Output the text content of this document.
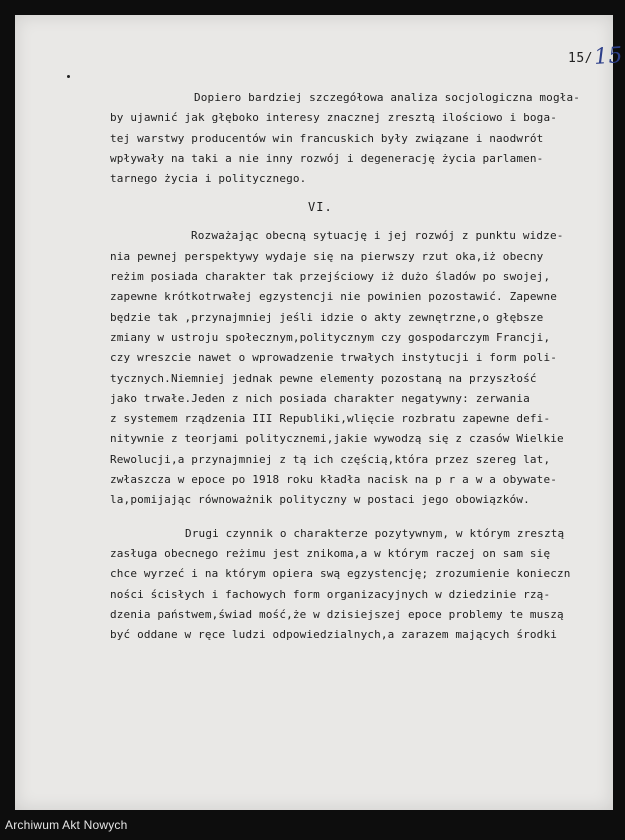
15/ 15
Dopiero bardziej szczegółowa analiza socjologiczna mogła-
by ujawnić jak głęboko interesy znacznej zresztą ilościowo i boga-
tej warstwy producentów win francuskich były związane i naodwrót
wpływały na taki a nie inny rozwój i degenerację życia parlamen-
tarnego życia i politycznego.
VI.
Rozważając obecną sytuację i jej rozwój z punktu widze-
nia pewnej perspektywy wydaje się na pierwszy rzut oka,iż obecny
reżim posiada charakter tak przejściowy iż dużo śladów po swojej,
zapewne krótkotrwałej egzystencji nie powinien pozostawić. Zapewne
będzie tak ,przynajmniej jeśli idzie o akty zewnętrzne,o głębsze
zmiany w ustroju społecznym,politycznym czy gospodarczym Francji,
czy wreszcie nawet o wprowadzenie trwałych instytucji i form poli-
tycznych.Niemniej jednak pewne elementy pozostaną na przyszłość
jako trwałe.Jeden z nich posiada charakter negatywny: zerwania
z systemem rządzenia III Republiki,wlięcie rozbratu zapewne defi-
nitywnie z teorjami politycznemi,jakie wywodzą się z czasów Wielkie
Rewolucji,a przynajmniej z tą ich częścią,która przez szereg lat,
zwłaszcza w epoce po 1918 roku kładła nacisk na p r a w a obywate-
la,pomijając równoważnik polityczny w postaci jego obowiązków.
Drugi czynnik o charakterze pozytywnym, w którym zresztą
zasługa obecnego reżimu jest znikoma,a w którym raczej on sam się
chce wyrzeć i na którym opiera swą egzystencję; zrozumienie konieczn
ności ścisłych i fachowych form organizacyjnych w dziedzinie rzą-
dzenia państwem,świad mość,że w dzisiejszej epoce problemy te muszą
być oddane w ręce ludzi odpowiedzialnych,a zarazem mających środki
Archiwum Akt Nowych
